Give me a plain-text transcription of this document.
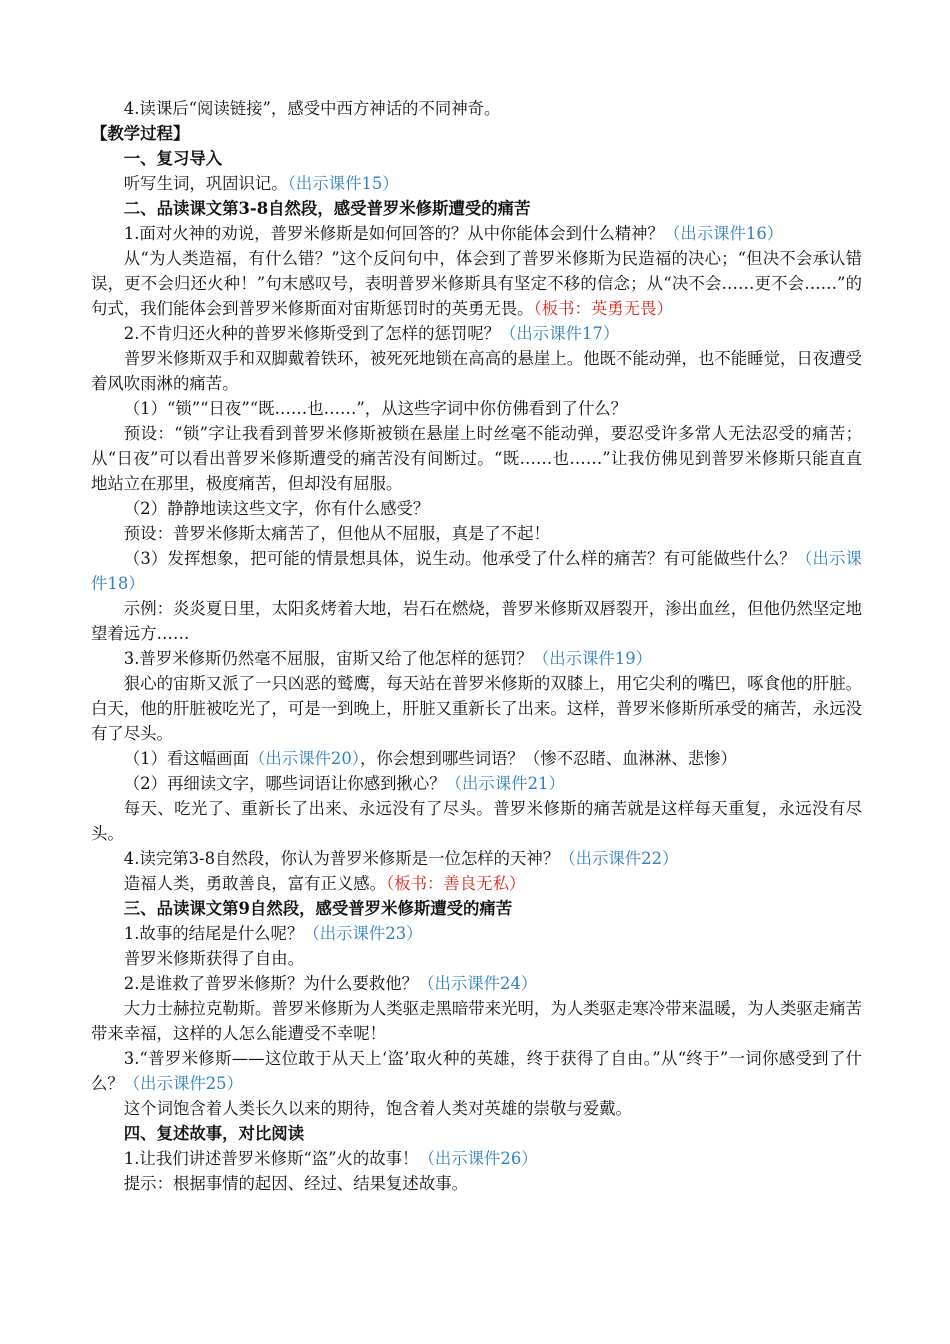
4.读课后“阅读链接”，感受中西方神话的不同神奇。

【教学过程】

一、复习导入

听写生词，巩固识记。（出示课件15）

二、品读课文第3-8自然段，感受普罗米修斯遭受的痛苦

1.面对火神的劝说，普罗米修斯是如何回答的？从中你能体会到什么精神？（出示课件16）

从“为人类造福，有什么错？”这个反问句中，体会到了普罗米修斯为民造福的决心；“但决不会承认错误，更不会归还火种！”句末感叹号，表明普罗米修斯具有坚定不移的信念；从“决不会……更不会……”的句式，我们能体会到普罗米修斯面对宙斯惩罚时的英勇无畏。（板书：英勇无畏）

2.不肯归还火种的普罗米修斯受到了怎样的惩罚呢？（出示课件17）

普罗米修斯双手和双脚戴着铁环，被死死地锁在高高的悬崖上。他既不能动弹，也不能睡觉，日夜遭受着风吹雨淋的痛苦。

（1）“锁”“日夜”“既……也……”，从这些字词中你仿佛看到了什么？

预设：“锁”字让我看到普罗米修斯被锁在悬崖上时丝毫不能动弹，要忍受许多常人无法忍受的痛苦；从“日夜”可以看出普罗米修斯遭受的痛苦没有间断过。“既……也……”让我仿佛见到普罗米修斯只能直直地站立在那里，极度痛苦，但却没有屈服。

（2）静静地读这些文字，你有什么感受？

预设：普罗米修斯太痛苦了，但他从不屈服，真是了不起！

（3）发挥想象，把可能的情景想具体，说生动。他承受了什么样的痛苦？有可能做些什么？（出示课件18）

示例：炎炎夏日里，太阳炙烤着大地，岩石在燃烧，普罗米修斯双唇裂开，渗出血丝，但他仍然坚定地望着远方……

3.普罗米修斯仍然毫不屈服，宙斯又给了他怎样的惩罚？（出示课件19）

狠心的宙斯又派了一只凶恶的鹫鹰，每天站在普罗米修斯的双膝上，用它尖利的嘴巴，啄食他的肝脏。白天，他的肝脏被吃光了，可是一到晚上，肝脏又重新长了出来。这样，普罗米修斯所承受的痛苦，永远没有了尽头。

（1）看这幅画面（出示课件20），你会想到哪些词语？（惨不忍睹、血淋淋、悲惨）

（2）再细读文字，哪些词语让你感到揪心？（出示课件21）

每天、吃光了、重新长了出来、永远没有了尽头。普罗米修斯的痛苦就是这样每天重复，永远没有尽头。

4.读完第3-8自然段，你认为普罗米修斯是一位怎样的天神？（出示课件22）

造福人类，勇敢善良，富有正义感。（板书：善良无私）

三、品读课文第9自然段，感受普罗米修斯遭受的痛苦

1.故事的结尾是什么呢？（出示课件23）

普罗米修斯获得了自由。

2.是谁救了普罗米修斯？为什么要救他？（出示课件24）

大力士赫拉克勒斯。普罗米修斯为人类驱走黑暗带来光明，为人类驱走寒冷带来温暖，为人类驱走痛苦带来幸福，这样的人怎么能遭受不幸呢！

3.“普罗米修斯——这位敢于从天上‘盗’取火种的英雄，终于获得了自由。”从“终于”一词你感受到了什么？（出示课件25）

这个词饱含着人类长久以来的期待，饱含着人类对英雄的崇敬与爱戴。

四、复述故事，对比阅读

1.让我们讲述普罗米修斯“盗”火的故事！（出示课件26）

提示：根据事情的起因、经过、结果复述故事。
